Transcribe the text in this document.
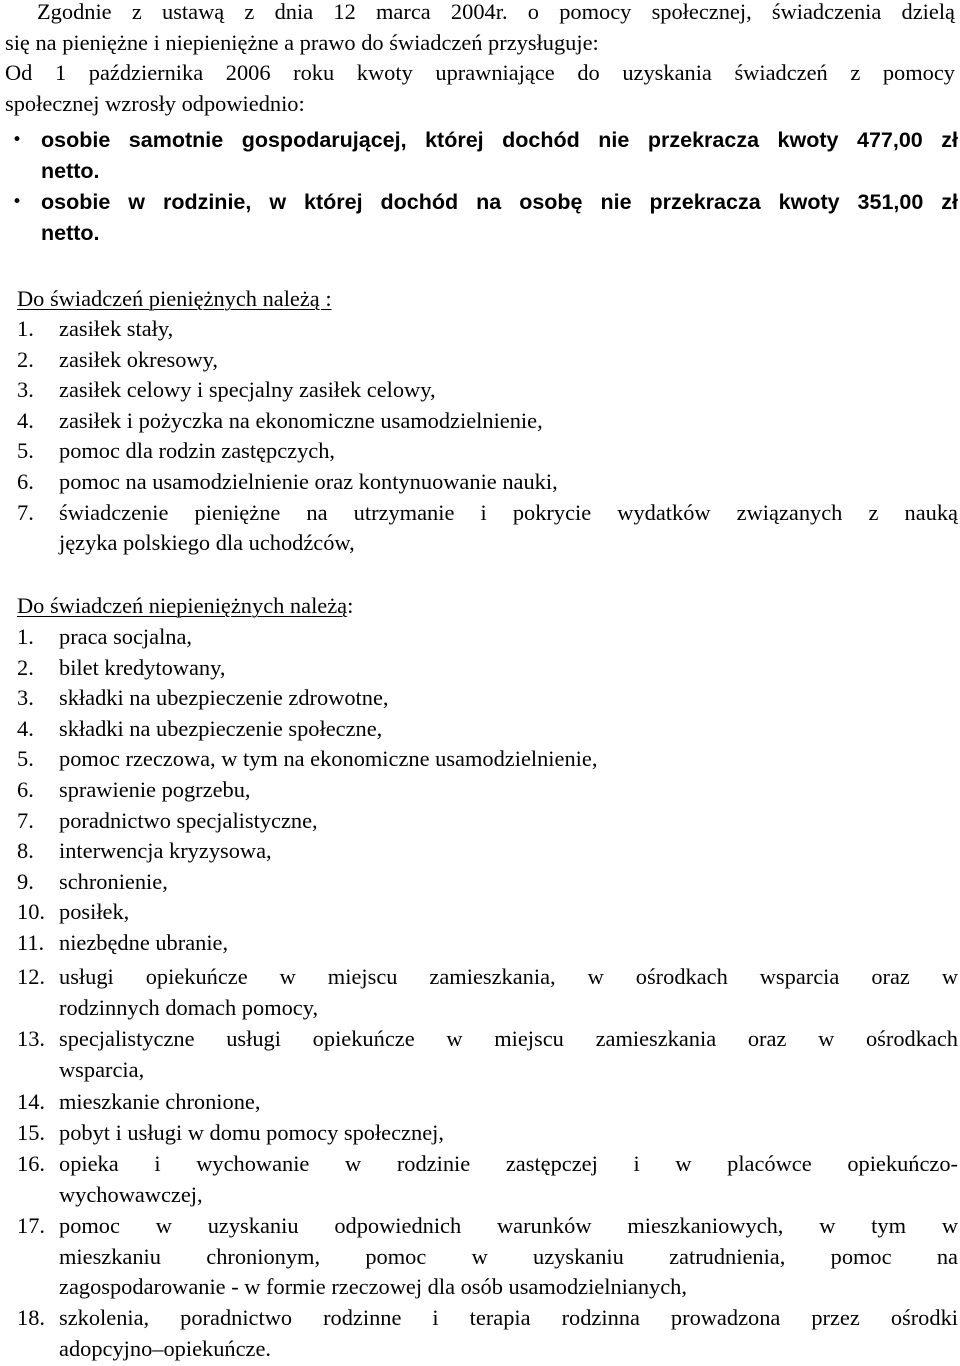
Zgodnie z ustawą z dnia 12 marca 2004r. o pomocy społecznej, świadczenia dzielą
się na pieniężne i niepieniężne a prawo do świadczeń przysługuje:
Od 1 października 2006 roku kwoty uprawniające do uzyskania świadczeń z pomocy
społecznej wzrosły odpowiednio:
• osobie samotnie gospodarującej, której dochód nie przekracza kwoty 477,00 zł
netto.
• osobie w rodzinie, w której dochód na osobę nie przekracza kwoty 351,00 zł
netto.
Do świadczeń pieniężnych należą :
1. zasiłek stały,
2. zasiłek okresowy,
3. zasiłek celowy i specjalny zasiłek celowy,
4. zasiłek i pożyczka na ekonomiczne usamodzielnienie,
5. pomoc dla rodzin zastępczych,
6. pomoc na usamodzielnienie oraz kontynuowanie nauki,
7. świadczenie pieniężne na utrzymanie i pokrycie wydatków związanych z nauką
języka polskiego dla uchodźców,
Do świadczeń niepieniężnych należą:
1. praca socjalna,
2. bilet kredytowany,
3. składki na ubezpieczenie zdrowotne,
4. składki na ubezpieczenie społeczne,
5. pomoc rzeczowa, w tym na ekonomiczne usamodzielnienie,
6. sprawienie pogrzebu,
7. poradnictwo specjalistyczne,
8. interwencja kryzysowa,
9. schronienie,
10. posiłek,
11. niezbędne ubranie,
12. usługi opiekuńcze w miejscu zamieszkania, w ośrodkach wsparcia oraz w
rodzinnych domach pomocy,
13. specjalistyczne usługi opiekuńcze w miejscu zamieszkania oraz w ośrodkach
wsparcia,
14. mieszkanie chronione,
15. pobyt i usługi w domu pomocy społecznej,
16. opieka i wychowanie w rodzinie zastępczej i w placówce opiekuńczo-
wychowawczej,
17. pomoc w uzyskaniu odpowiednich warunków mieszkaniowych, w tym w
mieszkaniu chronionym, pomoc w uzyskaniu zatrudnienia, pomoc na
zagospodarowanie - w formie rzeczowej dla osób usamodzielnianych,
18. szkolenia, poradnictwo rodzinne i terapia rodzinna prowadzona przez ośrodki
adopcyjno–opiekuńcze.
